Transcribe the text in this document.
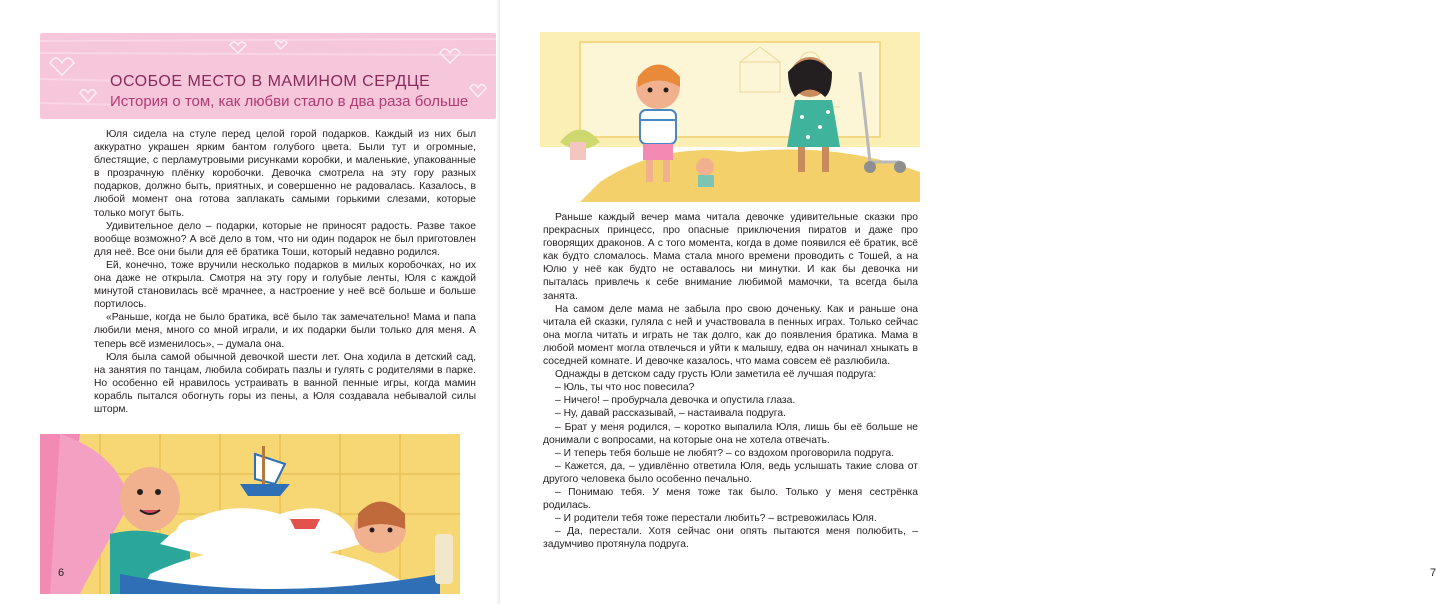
ОСОБОЕ МЕСТО В МАМИНОМ СЕРДЦЕ
История о том, как любви стало в два раза больше

Юля сидела на стуле перед целой горой подарков. Каждый из них был аккуратно украшен ярким бантом голубого цвета. Были тут и огромные, блестящие, с перламутровыми рисунками коробки, и маленькие, упакованные в прозрачную плёнку коробочки. Девочка смотрела на эту гору разных подарков, должно быть, приятных, и совершенно не радовалась. Казалось, в любой момент она готова заплакать самыми горькими слезами, которые только могут быть.

Удивительное дело – подарки, которые не приносят радость. Разве такое вообще возможно? А всё дело в том, что ни один подарок не был приготовлен для неё. Все они были для её братика Тоши, который недавно родился.

Ей, конечно, тоже вручили несколько подарков в милых коробочках, но их она даже не открыла. Смотря на эту гору и голубые ленты, Юля с каждой минутой становилась всё мрачнее, а настроение у неё всё больше и больше портилось.

«Раньше, когда не было братика, всё было так замечательно! Мама и папа любили меня, много со мной играли, и их подарки были только для меня. А теперь всё изменилось», – думала она.

Юля была самой обычной девочкой шести лет. Она ходила в детский сад, на занятия по танцам, любила собирать пазлы и гулять с родителями в парке. Но особенно ей нравилось устраивать в ванной пенные игры, когда мамин корабль пытался обогнуть горы из пены, а Юля создавала небывалой силы шторм.

6	7

Раньше каждый вечер мама читала девочке удивительные сказки про прекрасных принцесс, про опасные приключения пиратов и даже про говорящих драконов. А с того момента, когда в доме появился её братик, всё как будто сломалось. Мама стала много времени проводить с Тошей, а на Юлю у неё как будто не оставалось ни минутки. И как бы девочка ни пыталась привлечь к себе внимание любимой мамочки, та всегда была занята.

На самом деле мама не забыла про свою доченьку. Как и раньше она читала ей сказки, гуляла с ней и участвовала в пенных играх. Только сейчас она могла читать и играть не так долго, как до появления братика. Мама в любой момент могла отвлечься и уйти к малышу, едва он начинал хныкать в соседней комнате. И девочке казалось, что мама совсем её разлюбила.

Однажды в детском саду грусть Юли заметила её лучшая подруга:

– Юль, ты что нос повесила?

– Ничего! – пробурчала девочка и опустила глаза.

– Ну, давай рассказывай, – настаивала подруга.

– Брат у меня родился, – коротко выпалила Юля, лишь бы её больше не донимали с вопросами, на которые она не хотела отвечать.

– И теперь тебя больше не любят? – со вздохом проговорила подруга.

– Кажется, да, – удивлённо ответила Юля, ведь услышать такие слова от другого человека было особенно печально.

– Понимаю тебя. У меня тоже так было. Только у меня сестрёнка родилась.

– И родители тебя тоже перестали любить? – встревожилась Юля.

– Да, перестали. Хотя сейчас они опять пытаются меня полюбить, – задумчиво протянула подруга.
